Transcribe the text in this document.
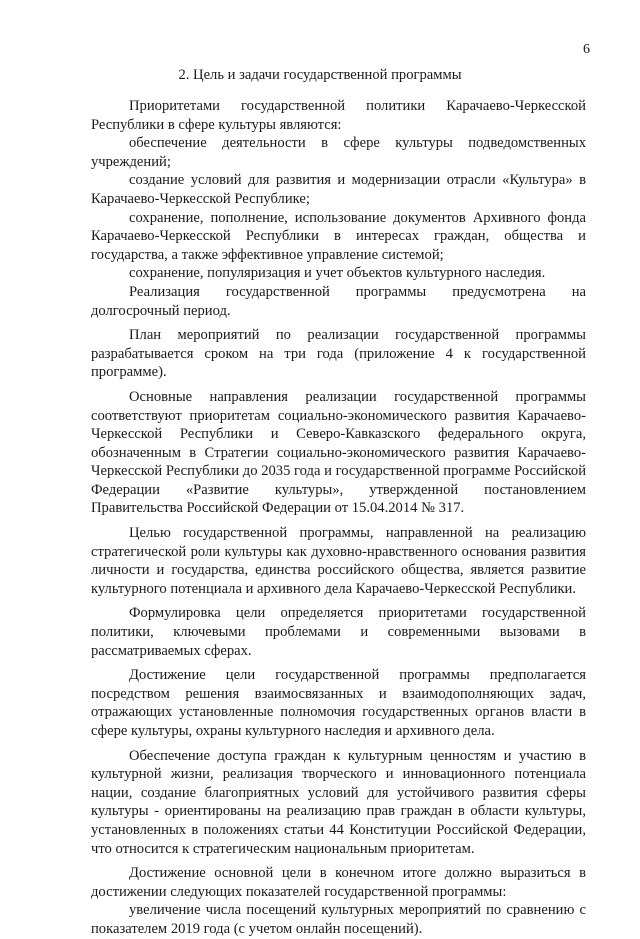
6
2. Цель и задачи государственной программы

Приоритетами государственной политики Карачаево-Черкесской Республики в сфере культуры являются:

обеспечение деятельности в сфере культуры подведомственных учреждений;

создание условий для развития и модернизации отрасли «Культура» в Карачаево-Черкесской Республике;

сохранение, пополнение, использование документов Архивного фонда Карачаево-Черкесской Республики в интересах граждан, общества и государства, а также эффективное управление системой;

сохранение, популяризация и учет объектов культурного наследия.

Реализация государственной программы предусмотрена на долгосрочный период.

План мероприятий по реализации государственной программы разрабатывается сроком на три года (приложение 4 к государственной программе).

Основные направления реализации государственной программы соответствуют приоритетам социально-экономического развития Карачаево-Черкесской Республики и Северо-Кавказского федерального округа, обозначенным в Стратегии социально-экономического развития Карачаево-Черкесской Республики до 2035 года и государственной программе Российской Федерации «Развитие культуры», утвержденной постановлением Правительства Российской Федерации от 15.04.2014 № 317.

Целью государственной программы, направленной на реализацию стратегической роли культуры как духовно-нравственного основания развития личности и государства, единства российского общества, является развитие культурного потенциала и архивного дела Карачаево-Черкесской Республики.

Формулировка цели определяется приоритетами государственной политики, ключевыми проблемами и современными вызовами в рассматриваемых сферах.

Достижение цели государственной программы предполагается посредством решения взаимосвязанных и взаимодополняющих задач, отражающих установленные полномочия государственных органов власти в сфере культуры, охраны культурного наследия и архивного дела.

Обеспечение доступа граждан к культурным ценностям и участию в культурной жизни, реализация творческого и инновационного потенциала нации, создание благоприятных условий для устойчивого развития сферы культуры - ориентированы на реализацию прав граждан в области культуры, установленных в положениях статьи 44 Конституции Российской Федерации, что относится к стратегическим национальным приоритетам.

Достижение основной цели в конечном итоге должно выразиться в достижении следующих показателей государственной программы:

увеличение числа посещений культурных мероприятий по сравнению с показателем 2019 года (с учетом онлайн посещений).
